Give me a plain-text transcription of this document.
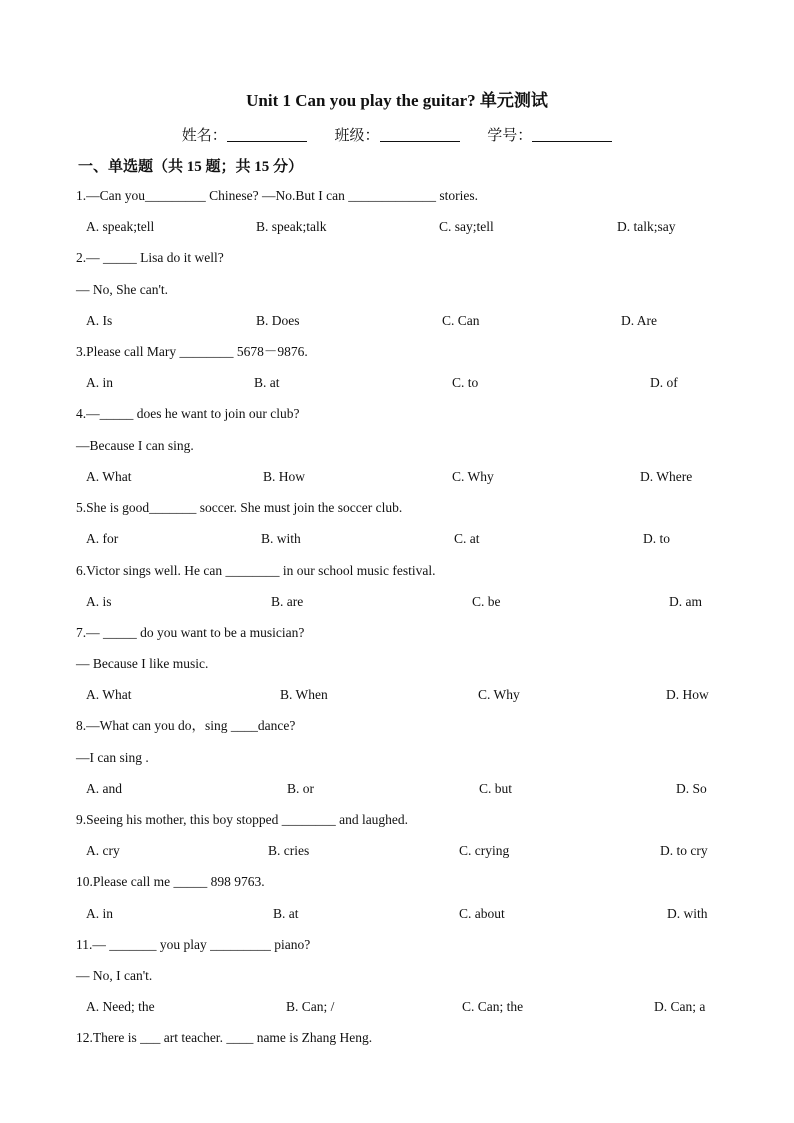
Unit 1 Can you play the guitar? 单元测试
姓名：	班级：	学号：
一、单选题（共 15 题；共 15 分）
1.—Can you_________ Chinese? —No.But I can _____________ stories.
A. speak;tell	B. speak;talk	C. say;tell	D. talk;say
2.— _____ Lisa do it well?
— No, She can't.
A. Is	B. Does	C. Can	D. Are
3.Please call Mary ________ 5678－9876.
A. in	B. at	C. to	D. of
4.—_____ does he want to join our club?
—Because I can sing.
A. What	B. How	C. Why	D. Where
5.She is good_______ soccer. She must join the soccer club.
A. for	B. with	C. at	D. to
6.Victor sings well. He can ________ in our school music festival.
A. is	B. are	C. be	D. am
7.— _____ do you want to be a musician?
— Because I like music.
A. What	B. When	C. Why	D. How
8.—What can you do，sing ____dance?
—I can sing .
A. and	B. or	C. but	D. So
9.Seeing his mother, this boy stopped ________ and laughed.
A. cry	B. cries	C. crying	D. to cry
10.Please call me _____ 898 9763.
A. in	B. at	C. about	D. with
11.— _______ you play _________ piano?
— No, I can't.
A. Need; the	B. Can; /	C. Can; the	D. Can; a
12.There is ___ art teacher. ____ name is Zhang Heng.
